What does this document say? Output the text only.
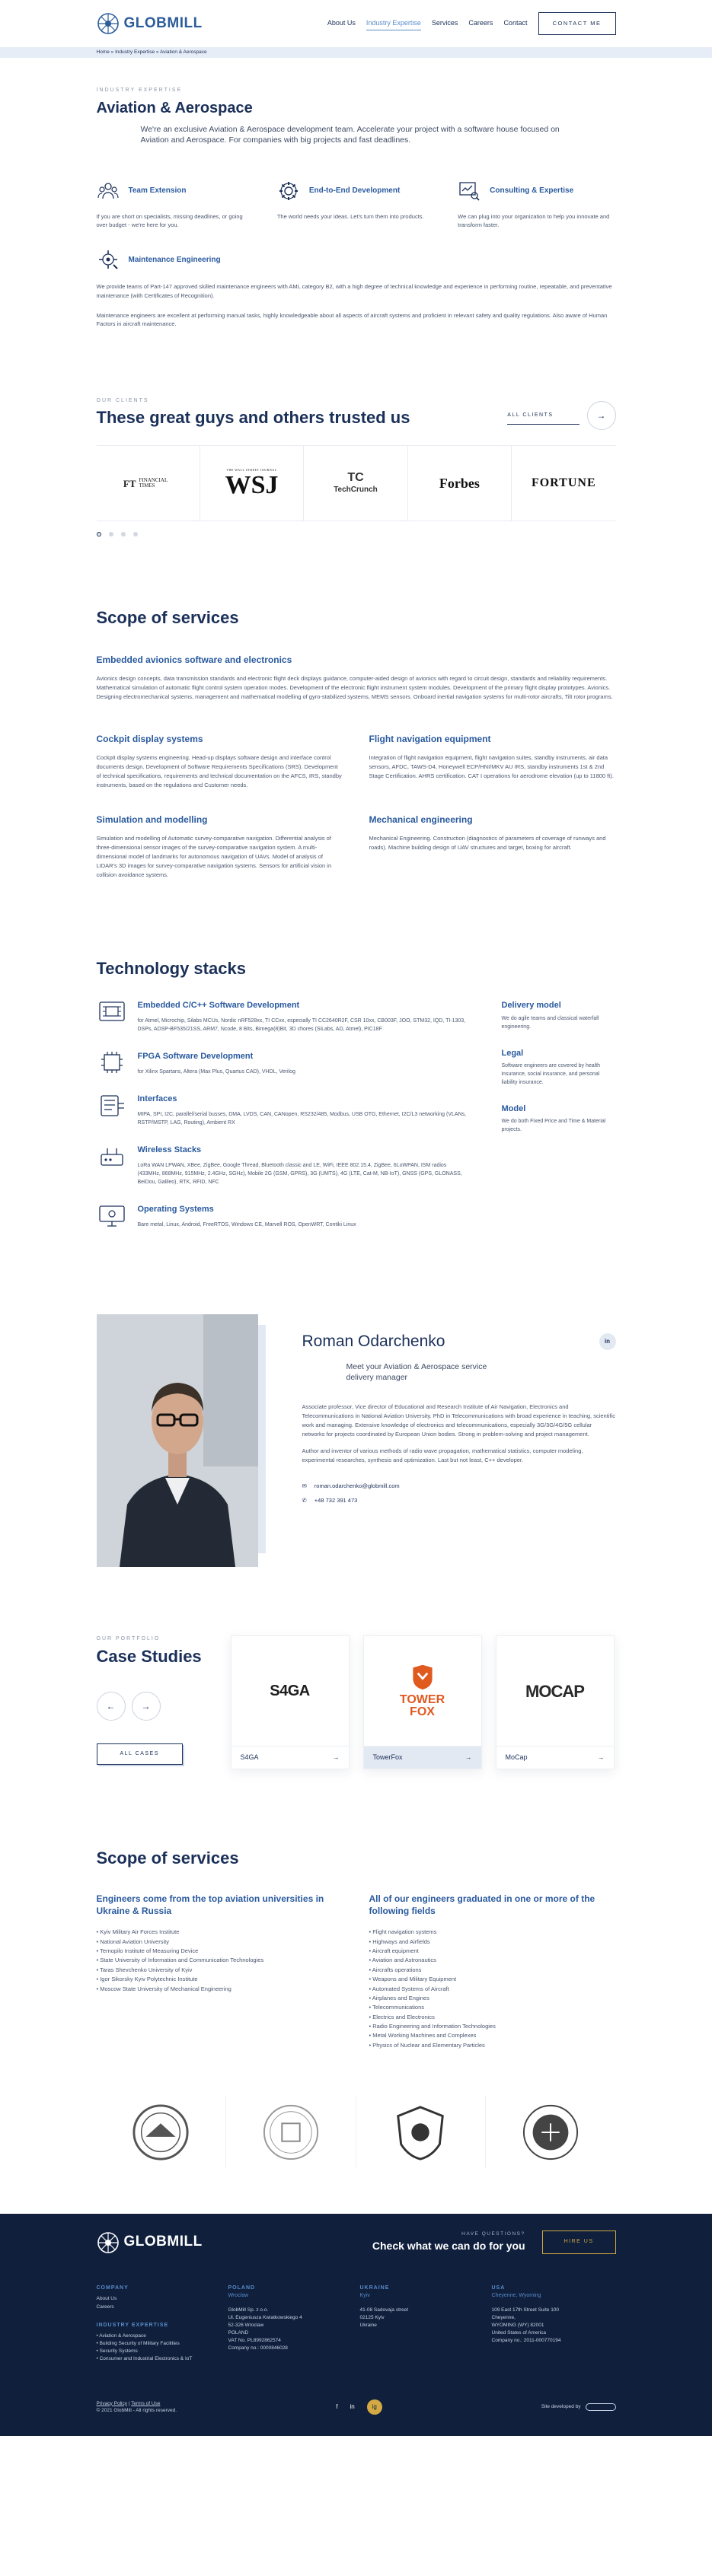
GLOBMILL	About Us Industry Expertise Services Careers Contact	CONTACT ME
Home » Industry Expertise » Aviation & Aerospace
INDUSTRY EXPERTISE
Aviation & Aerospace

We're an exclusive Aviation & Aerospace development team. Accelerate your project with a software house focused on Aviation and Aerospace. For companies with big projects and fast deadlines.

Team Extension

If you are short on specialists, missing deadlines, or going over budget - we're here for you.

End-to-End Development

The world needs your ideas. Let's turn them into products.

Consulting & Expertise

We can plug into your organization to help you innovate and transform faster.

Maintenance Engineering

We provide teams of Part-147 approved skilled maintenance engineers with AML category B2, with a high degree of technical knowledge and experience in performing routine, repeatable, and preventative maintenance (with Certificates of Recognition).

Maintenance engineers are excellent at performing manual tasks, highly knowledgeable about all aspects of aircraft systems and proficient in relevant safety and quality regulations. Also aware of Human Factors in aircraft maintenance.

OUR CLIENTS
These great guys and others trusted us	ALL CLIENTS	→
FT FINANCIAL TIMES
THE WALL STREET JOURNAL
WSJ	TC
TechCrunch	Forbes	FORTUNE
Scope of services
Embedded avionics software and electronics

Avionics design concepts, data transmission standards and electronic flight deck displays guidance, computer-aided design of avionics with regard to circuit design, standards and reliability requirements. Mathematical simulation of automatic flight control system operation modes. Development of the electronic flight instrument system modules. Development of the primary flight display prototypes. Avionics. Designing electromechanical systems, management and mathematical modelling of gyro-stabilized systems, MEMS sensors. Onboard inertial navigation systems for multi-rotor aircrafts, Tilt rotor programs.

Cockpit display systems

Cockpit display systems engineering. Head-up displays software design and interface control documents design. Development of Software Requirements Specifications (SRS). Development of technical specifications, requirements and technical documentation on the AFCS, IRS, standby instruments, based on the regulations and Customer needs.

Flight navigation equipment

Integration of flight navigation equipment, flight navigation suites, standby instruments, air data sensors, AFDC, TAWS-D4, Honeywell ECP/HNI/MKV AU IRS, standby instruments 1st & 2nd Stage Certification. AHRS certification. CAT I operations for aerodrome elevation (up to 11800 ft).

Simulation and modelling

Simulation and modelling of Automatic survey-comparative navigation. Differential analysis of three-dimensional sensor images of the survey-comparative navigation system. A multi-dimensional model of landmarks for autonomous navigation of UAVs. Model of analysis of LIDAR's 3D images for survey-comparative navigation systems. Sensors for artificial vision in collision avoidance systems.

Mechanical engineering

Mechanical Engineering. Construction (diagnostics of parameters of coverage of runways and roads). Machine building design of UAV structures and target, boxing for aircraft.

Technology stacks
Embedded C/C++ Software Development

for Atmel, Microchip, Silabs MCUs, Nordic nRF528xx, TI CCxx, especially TI CC2640R2F, CSR 10xx, CB003F, JOO, STM32, IQD, TI-1303, DSPs, ADSP-BF535/21SS, ARM7, Ncode, 8 Bits, Bimega(8)Bit, 3D chores (SiLabs, AD, Atmel), PIC18F

FPGA Software Development

for Xilinx Spartans, Altera (Max Plus, Quartus CAD), VHDL, Verilog

Interfaces

MIPA, SPI, I2C, parallel/serial busses, DMA, LVDS, CAN, CANopen, RS232/485, Modbus, USB OTG, Ethernet, I2C/L3 networking (VLANs, RSTP/MSTP, LAG, Routing), Ambient RX

Wireless Stacks

LoRa WAN LPWAN, XBee, ZigBee, Google Thread, Bluetooth classic and LE, WiFi, IEEE 802.15.4, ZigBee, 6LoWPAN, ISM radios (433MHz, 868MHz, 915MHz, 2.4GHz, SGHz), Mobile 2G (GSM, GPRS), 3G (UMTS), 4G (LTE, Cat-M, NB-IoT), GNSS (GPS, GLONASS, BeiDou, Galileo), RTK, RFID, NFC

Operating Systems

Bare metal, Linux, Android, FreeRTOS, Windows CE, Marvell ROS, OpenWRT, Contiki Linux

Delivery model

We do agile teams and classical waterfall engineering.

Legal

Software engineers are covered by health insurance, social insurance, and personal liability insurance.

Model

We do both Fixed Price and Time & Material projects.

Roman Odarchenko	in

Meet your Aviation & Aerospace service delivery manager

Associate professor, Vice director of Educational and Research Institute of Air Navigation, Electronics and Telecommunications in National Aviation University. PhD in Telecommunications with broad experience in teaching, scientific work and managing. Extensive knowledge of electronics and telecommunications, especially 3G/3G/4G/5G cellular networks for projects coordinated by European Union bodies. Strong in problem-solving and project management.

Author and inventor of various methods of radio wave propagation, mathematical statistics, computer modeling, experimental researches, synthesis and optimization. Last but not least, C++ developer.

✉ roman.odarchenko@globmill.com
✆ +48 732 391 473
OUR PORTFOLIO
Case Studies
←	→
ALL CASES
S4GA
S4GA	→
TOWER FOX
TowerFox	→
MOCAP
MoCap	→
Scope of services
Engineers come from the top aviation universities in Ukraine & Russia
• Kyiv Military Air Forces Institute
• National Aviation University
• Ternopilo Institute of Measuring Device
• State University of Information and Communication Technologies
• Taras Shevchenko University of Kyiv
• Igor Sikorsky Kyiv Polytechnic Institute
• Moscow State University of Mechanical Engineering
All of our engineers graduated in one or more of the following fields
• Flight navigation systems
• Highways and Airfields
• Aircraft equipment
• Aviation and Astronautics
• Aircrafts operations
• Weapons and Military Equipment
• Automated Systems of Aircraft
• Airplanes and Engines
• Telecommunications
• Electrics and Electronics
• Radio Engineering and Information Technologies
• Metal Working Machines and Complexes
• Physics of Nuclear and Elementary Particles
GLOBMILL	HAVE QUESTIONS?
Check what we can do for you	HIRE US
COMPANY
About Us
Careers
INDUSTRY EXPERTISE
• Aviation & Aerospace
• Building Security of Military Facilities
• Security Systems
• Consumer and Industrial Electronics & IoT
POLAND
Wroclaw
GlobMill Sp. z o.o.
Ul. Eugeniusza Kwiatkowskiego 4
52-326 Wroclaw
POLAND
VAT No. PL8992862574
Company no.: 0000846028
UKRAINE
Kyiv
41-08 Sadovaja street
02125 Kyiv
Ukraine
USA
Cheyenne, Wyoming
109 East 17th Street Suite 100
Cheyenne,
WYOMING (WY) 82001
United States of America
Company no.: 2011-000770194
Privacy Policy | Terms of Use
© 2021 GlobMill - All rights reserved.
f in	ig	Site developed by
